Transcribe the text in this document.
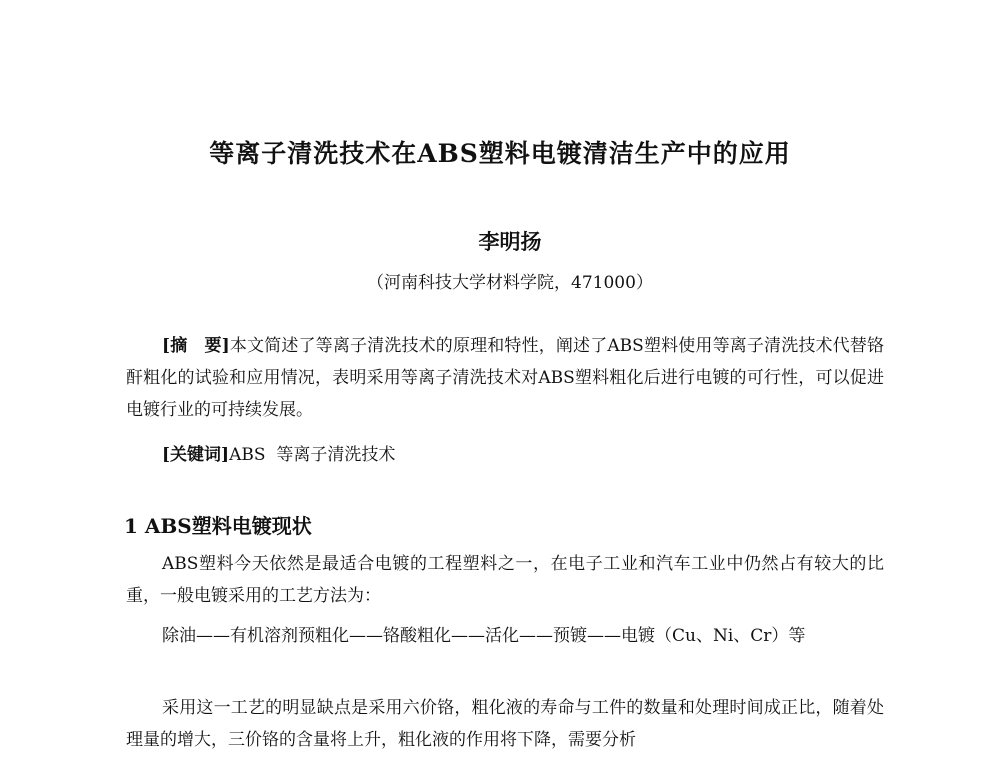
等离子清洗技术在ABS塑料电镀清洁生产中的应用
李明扬
（河南科技大学材料学院，471000）

[摘　要]本文简述了等离子清洗技术的原理和特性，阐述了ABS塑料使用等离子清洗技术代替铬酐粗化的试验和应用情况，表明采用等离子清洗技术对ABS塑料粗化后进行电镀的可行性，可以促进电镀行业的可持续发展。

[关键词]ABS  等离子清洗技术

1 ABS塑料电镀现状

ABS塑料今天依然是最适合电镀的工程塑料之一，在电子工业和汽车工业中仍然占有较大的比重，一般电镀采用的工艺方法为：

除油——有机溶剂预粗化——铬酸粗化——活化——预镀——电镀（Cu、Ni、Cr）等

采用这一工艺的明显缺点是采用六价铬，粗化液的寿命与工件的数量和处理时间成正比，随着处理量的增大，三价铬的含量将上升，粗化液的作用将下降，需要分析
